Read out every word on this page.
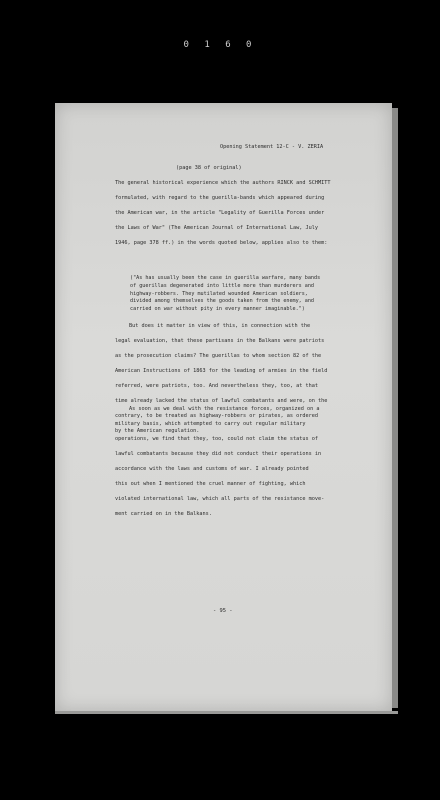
0 1 6 0
Opening Statement 12-C - V. ZERIA
(page 38 of original)
The general historical experience which the authors RINCK and SCHMITT
formulated, with regard to the guerilla-bands which appeared during
the American war, in the article "Legality of Guerilla Forces under
the Laws of War" (The American Journal of International Law, July
1946, page 378 ff.) in the words quoted below, applies also to them:
("As has usually been the case in guerilla warfare, many bands
of guerillas degenerated into little more than murderers and
highway-robbers. They mutilated wounded American soldiers,
divided among themselves the goods taken from the enemy, and
carried on war without pity in every manner imaginable.")
But does it matter in view of this, in connection with the
legal evaluation, that these partisans in the Balkans were patriots
as the prosecution claims? The guerillas to whom section 82 of the
American Instructions of 1863 for the leading of armies in the field
referred, were patriots, too. And nevertheless they, too, at that
time already lacked the status of lawful combatants and were, on the
contrary, to be treated as highway-robbers or pirates, as ordered
by the American regulation.
As soon as we deal with the resistance forces, organized on a
military basis, which attempted to carry out regular military
operations, we find that they, too, could not claim the status of
lawful combatants because they did not conduct their operations in
accordance with the laws and customs of war. I already pointed
this out when I mentioned the cruel manner of fighting, which
violated international law, which all parts of the resistance move-
ment carried on in the Balkans.
- 95 -
